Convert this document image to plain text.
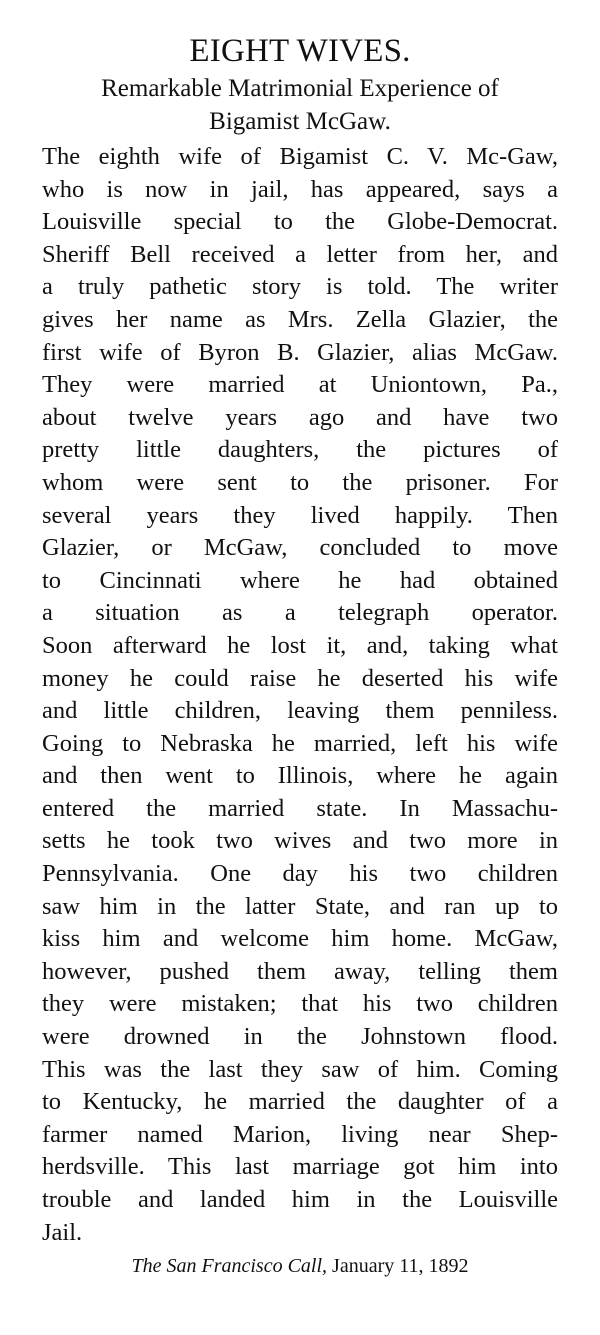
EIGHT WIVES.
Remarkable Matrimonial Experience of
Bigamist McGaw.
The eighth wife of Bigamist C. V. Mc-Gaw,
who is now in jail, has appeared, says a
Louisville special to the Globe-Democrat.
Sheriff Bell received a letter from her, and
a truly pathetic story is told. The writer
gives her name as Mrs. Zella Glazier, the
first wife of Byron B. Glazier, alias McGaw.
They were married at Uniontown, Pa.,
about twelve years ago and have two
pretty little daughters, the pictures of
whom were sent to the prisoner. For
several years they lived happily. Then
Glazier, or McGaw, concluded to move
to Cincinnati where he had obtained
a situation as a telegraph operator.
Soon afterward he lost it, and, taking what
money he could raise he deserted his wife
and little children, leaving them penniless.
Going to Nebraska he married, left his wife
and then went to Illinois, where he again
entered the married state. In Massachu-
setts he took two wives and two more in
Pennsylvania. One day his two children
saw him in the latter State, and ran up to
kiss him and welcome him home. McGaw,
however, pushed them away, telling them
they were mistaken; that his two children
were drowned in the Johnstown flood.
This was the last they saw of him. Coming
to Kentucky, he married the daughter of a
farmer named Marion, living near Shep-
herdsville. This last marriage got him into
trouble and landed him in the Louisville
Jail.
The San Francisco Call, January 11, 1892
